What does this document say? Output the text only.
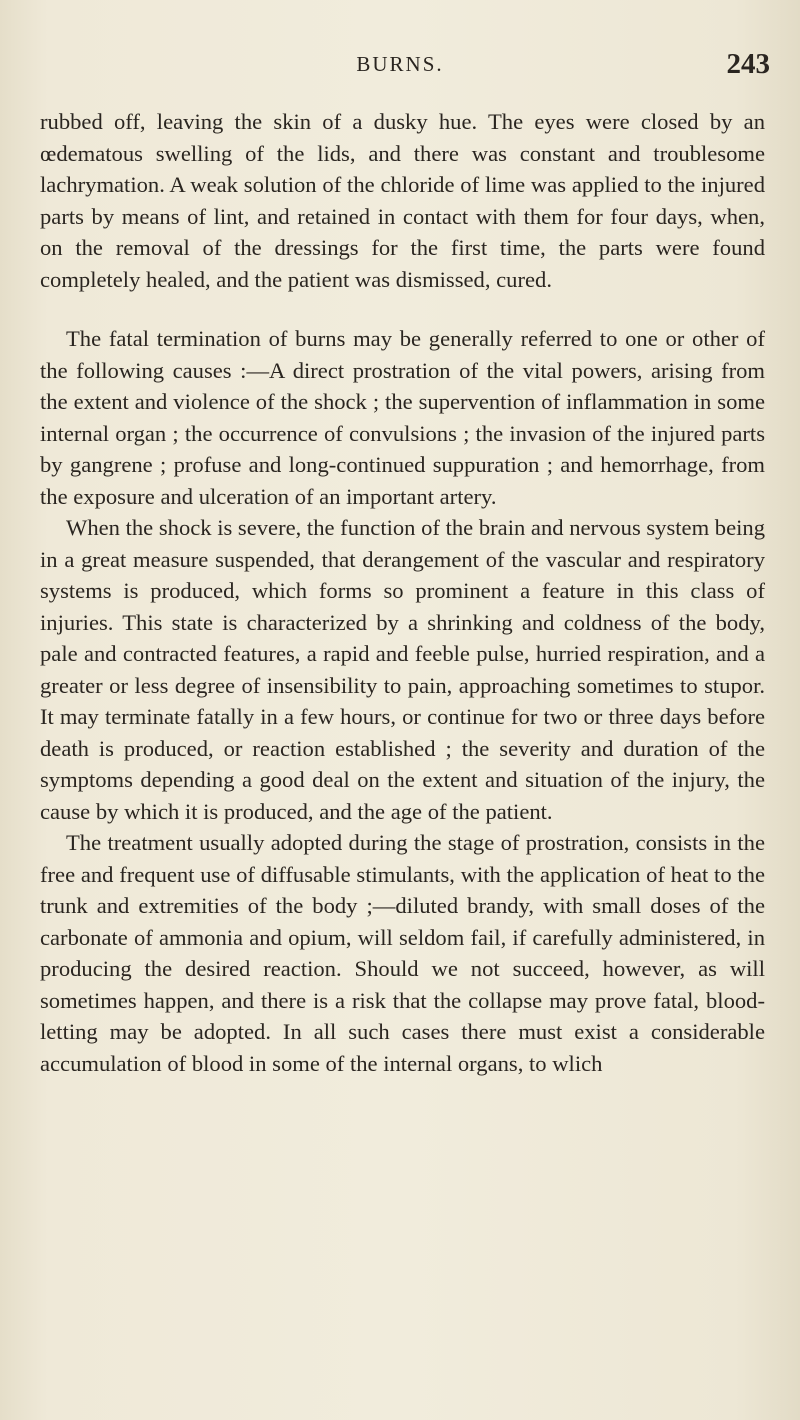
BURNS.	243

rubbed off, leaving the skin of a dusky hue. The eyes were closed by an œdematous swelling of the lids, and there was constant and troublesome lachrymation. A weak solution of the chloride of lime was applied to the injured parts by means of lint, and retained in contact with them for four days, when, on the removal of the dressings for the first time, the parts were found completely healed, and the patient was dismissed, cured.

The fatal termination of burns may be generally referred to one or other of the following causes :—A direct prostration of the vital powers, arising from the extent and violence of the shock ; the supervention of inflammation in some internal organ ; the occurrence of convulsions ; the invasion of the injured parts by gangrene ; profuse and long-continued suppuration ; and hemorrhage, from the exposure and ulceration of an important artery.

When the shock is severe, the function of the brain and nervous system being in a great measure suspended, that derangement of the vascular and respiratory systems is produced, which forms so prominent a feature in this class of injuries. This state is characterized by a shrinking and coldness of the body, pale and contracted features, a rapid and feeble pulse, hurried respiration, and a greater or less degree of insensibility to pain, approaching sometimes to stupor. It may terminate fatally in a few hours, or continue for two or three days before death is produced, or reaction established ; the severity and duration of the symptoms depending a good deal on the extent and situation of the injury, the cause by which it is produced, and the age of the patient.

The treatment usually adopted during the stage of prostration, consists in the free and frequent use of diffusable stimulants, with the application of heat to the trunk and extremities of the body ;—diluted brandy, with small doses of the carbonate of ammonia and opium, will seldom fail, if carefully administered, in producing the desired reaction. Should we not succeed, however, as will sometimes happen, and there is a risk that the collapse may prove fatal, blood-letting may be adopted. In all such cases there must exist a considerable accumulation of blood in some of the internal organs, to wlich
